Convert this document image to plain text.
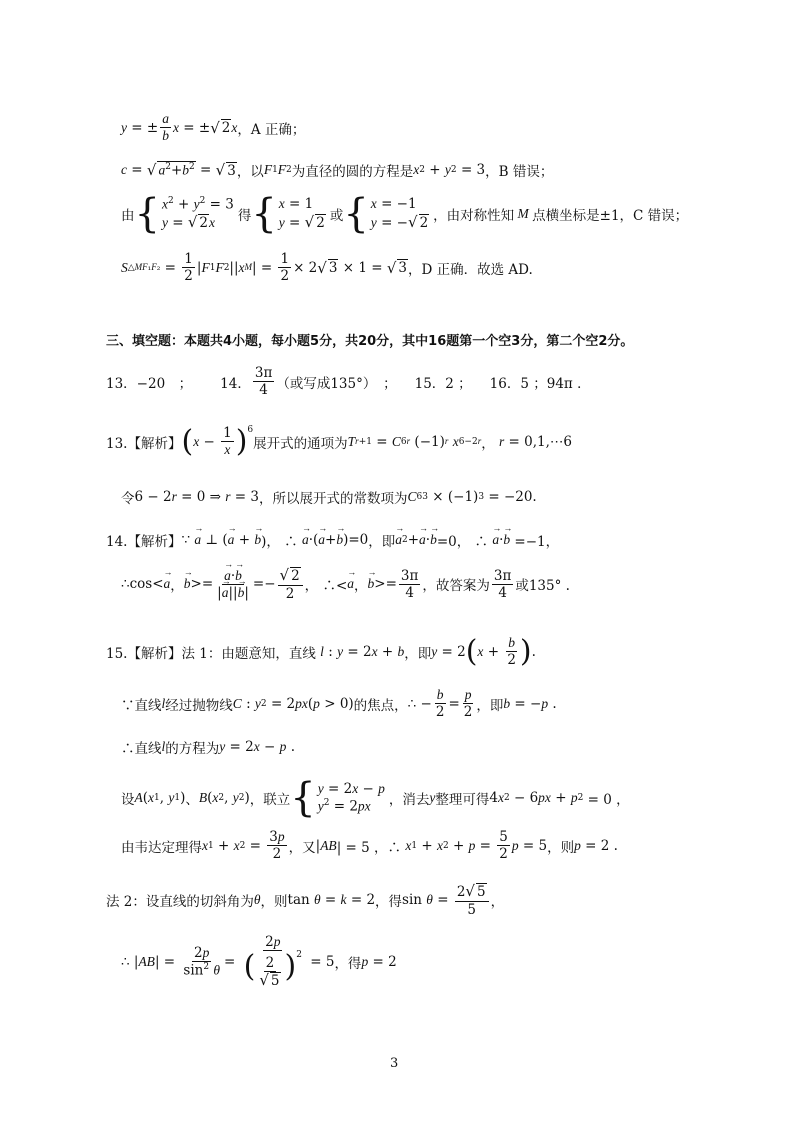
y = ± $\frac{a}{b}$ x = ± √ 2 x ，A 正确；
c = √ $a^2+b^2$ = √ 3 ，以 F 1 F 2 为直径的圆的方程是 x 2 + y 2 = 3 ，B 错误；
由 { $x^2 + y^2 = 3$
y = √ 2x	得 { x = 1
y = √ 2 或 { x = −1
y = −√ 2 ，由对称性知 M 点横坐标是±1，C 错误；
S △MF₁F₂ = $\frac{1}{2}$ | F 1 F 2 || x M | = $\frac{1}{2} \times 2$ √ 3 × 1 = √ 3 ，D 正确．故选 AD.
三、填空题：本题共4小题，每小题5分，共20分，其中16题第一个空3分，第二个空2分。
13．−20　； 14． $\frac{3\pi}{4}$ （或写成135°）　； 15．2 ； 16．5 ；94π ．
13.【解析】 ( $x - \frac{1}{x} )^6$
展开式的通项为 T r+1 = C 6 r (−1) r
x 6−2r ，
r = 0,1,⋯6
令 6 − 2 r = 0 ⇒ r = 3 ，所以展开式的常数项为 C 6 3 × (−1) 3
= −20.
14.【解析】 ∵ → a ⊥ ( → a + → b )， ∴ → a ·( → a + → b )=0 ，即 → a 2 + → a · → b =0， ∴ → a · → b =−1，
∴cos< → a ， → b >= → $\frac{a\cdot\to b}{|\to a||\to b|} =- \frac{√ 2}{2}$ ， ∴< → a ， → $b >= \frac{3\pi}{4}$ ，故答案为 $\frac{3\pi}{4}$ 或135° .
15.【解析】 法 1：由题意知，直线
l : y = 2 x + b ，即 y = 2 ( $x + \frac{b}{2}$ ) .
∵直线 l 经过抛物线 C : y 2 = 2 px ( p > 0) 的焦点， ∴ − $\frac{b}{2} = \frac{p}{2}$ ，即 b = − p .
∴直线 l 的方程为 y = 2 x − p .
设 A ( x 1 , y 1 ) 、 B ( x 2 , y 2 ) ，联立 { y = 2x − p
$y^2 = 2px$	，消去 y 整理可得 4 x 2 − 6 px + p 2 = 0 ，
由韦达定理得 x 1 + x $2 = \frac{3p}{2}$ ，又 | AB | = 5 ，∴ x 1 + x $2 + p = \frac{5}{2}$ p = 5 ，则 p = 2 .
法 2：设直线的切斜角为 θ ，则 tan θ = k = 2 ，得 $\sin \theta = \frac{2√ 5}{5}$ ，
∴ | AB | = $\frac{2p}{\sin^2 \theta} = \frac{2p}{( \frac{2}{√ 5} )^2} = 5$ ，得 p = 2
3
